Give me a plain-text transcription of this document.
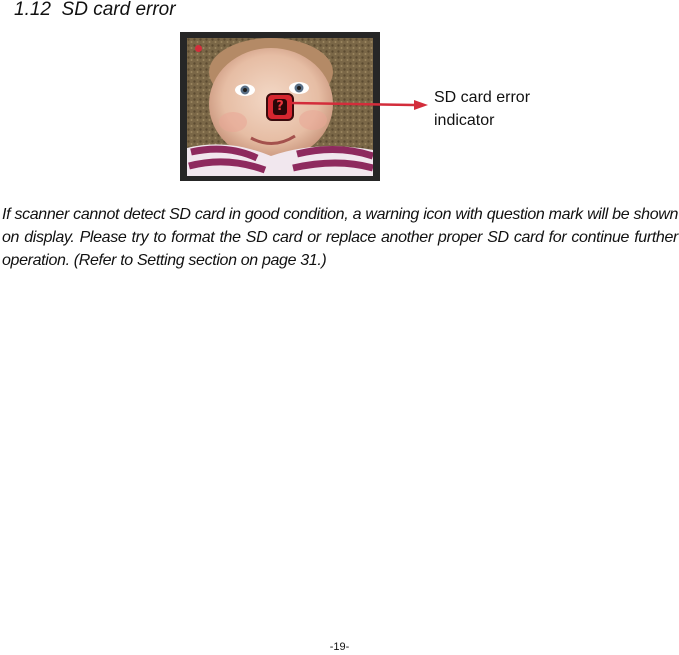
1.12 SD card error
?
SD card error
indicator

If scanner cannot detect SD card in good condition, a warning icon with question mark will be shown on display. Please try to format the SD card or replace another proper SD card for continue further operation. (Refer to Setting section on page 31.)

-19-
